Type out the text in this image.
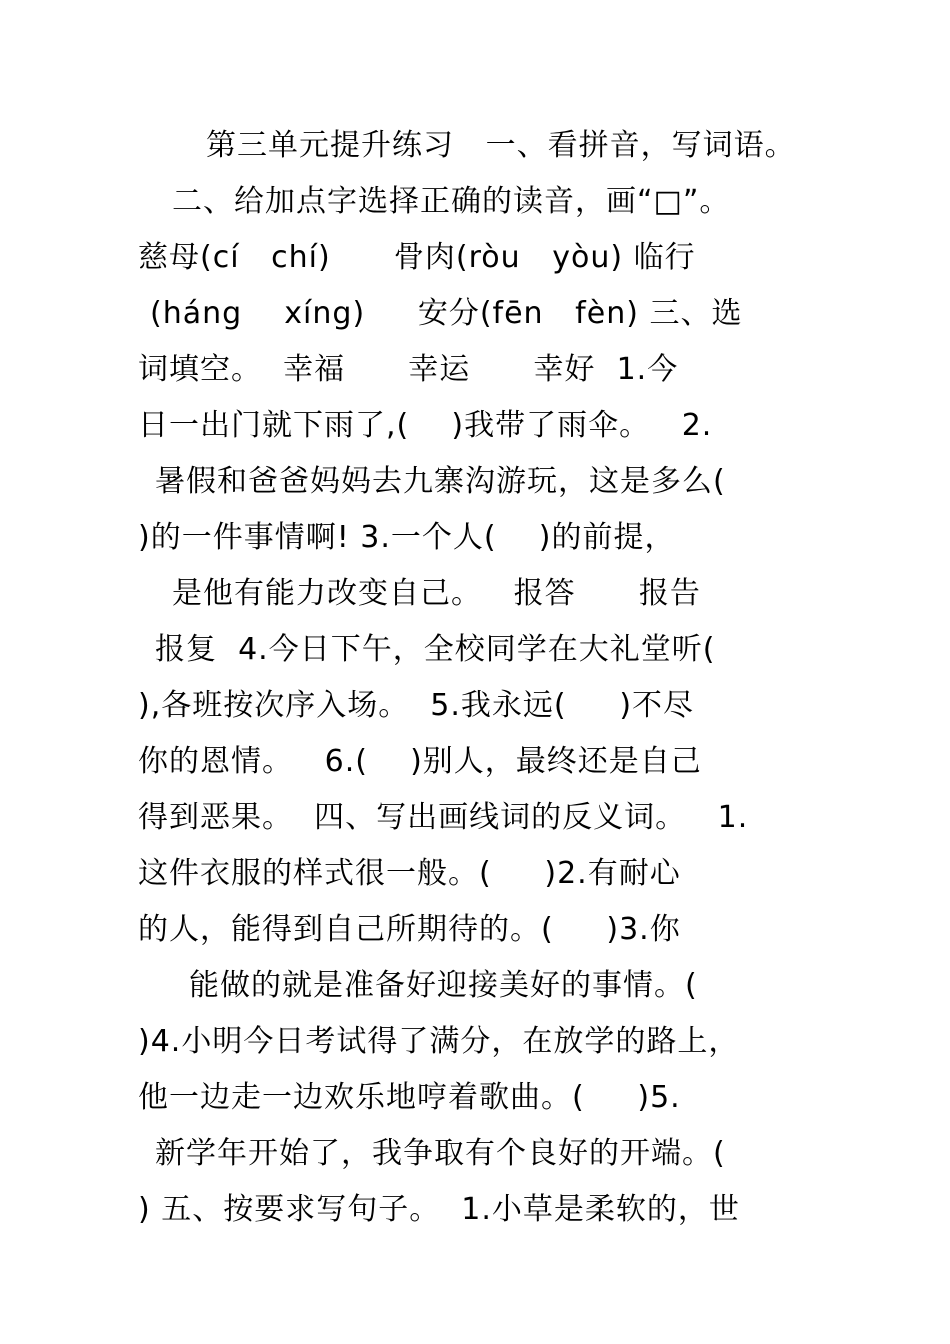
第三单元提升练习   一、看拼音，写词语。
二、给加点字选择正确的读音，画“□”。
慈母(cí   chí)      骨肉(ròu   yòu) 临行
(háng    xíng)     安分(fēn   fèn) 三、选
词填空。  幸福      幸运      幸好  1.今
日一出门就下雨了,(    )我带了雨伞。   2.
暑假和爸爸妈妈去九寨沟游玩，这是多么(
)的一件事情啊! 3.一个人(    )的前提，
是他有能力改变自己。   报答      报告
报复  4.今日下午，全校同学在大礼堂听(
),各班按次序入场。  5.我永远(     )不尽
你的恩情。   6.(    )别人，最终还是自己
得到恶果。  四、写出画线词的反义词。   1.
这件衣服的样式很一般。(     )2.有耐心
的人，能得到自己所期待的。(     )3.你
能做的就是准备好迎接美好的事情。(
)4.小明今日考试得了满分，在放学的路上，
他一边走一边欢乐地哼着歌曲。(     )5.
新学年开始了，我争取有个良好的开端。(
) 五、按要求写句子。  1.小草是柔软的，世
